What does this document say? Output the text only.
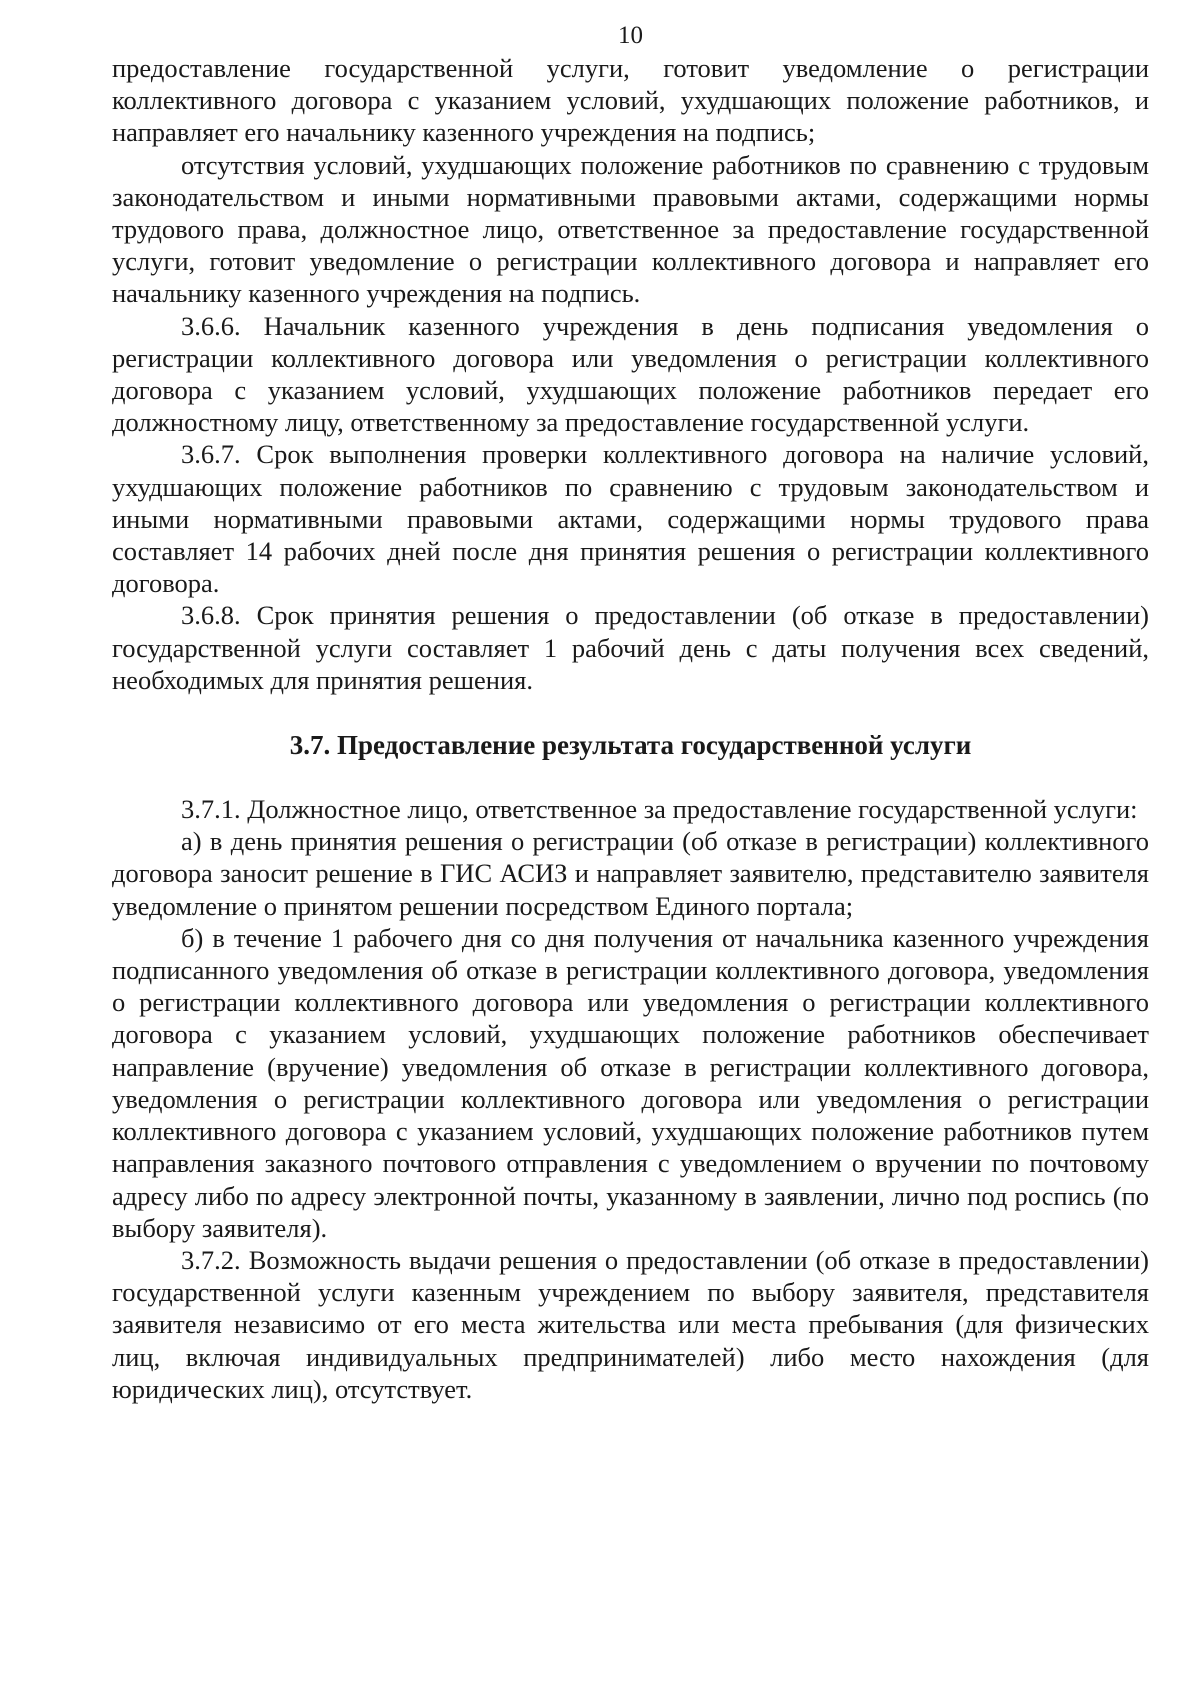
10

предоставление государственной услуги, готовит уведомление о регистрации коллективного договора с указанием условий, ухудшающих положение работников, и направляет его начальнику казенного учреждения на подпись;

отсутствия условий, ухудшающих положение работников по сравнению с трудовым законодательством и иными нормативными правовыми актами, содержащими нормы трудового права, должностное лицо, ответственное за предоставление государственной услуги, готовит уведомление о регистрации коллективного договора и направляет его начальнику казенного учреждения на подпись.

3.6.6. Начальник казенного учреждения в день подписания уведомления о регистрации коллективного договора или уведомления о регистрации коллективного договора с указанием условий, ухудшающих положение работников передает его должностному лицу, ответственному за предоставление государственной услуги.

3.6.7. Срок выполнения проверки коллективного договора на наличие условий, ухудшающих положение работников по сравнению с трудовым законодательством и иными нормативными правовыми актами, содержащими нормы трудового права составляет 14 рабочих дней после дня принятия решения о регистрации коллективного договора.

3.6.8. Срок принятия решения о предоставлении (об отказе в предоставлении) государственной услуги составляет 1 рабочий день с даты получения всех сведений, необходимых для принятия решения.

3.7. Предоставление результата государственной услуги

3.7.1. Должностное лицо, ответственное за предоставление государственной услуги:

а) в день принятия решения о регистрации (об отказе в регистрации) коллективного договора заносит решение в ГИС АСИЗ и направляет заявителю, представителю заявителя уведомление о принятом решении посредством Единого портала;

б) в течение 1 рабочего дня со дня получения от начальника казенного учреждения подписанного уведомления об отказе в регистрации коллективного договора, уведомления о регистрации коллективного договора или уведомления о регистрации коллективного договора с указанием условий, ухудшающих положение работников обеспечивает направление (вручение) уведомления об отказе в регистрации коллективного договора, уведомления о регистрации коллективного договора или уведомления о регистрации коллективного договора с указанием условий, ухудшающих положение работников путем направления заказного почтового отправления с уведомлением о вручении по почтовому адресу либо по адресу электронной почты, указанному в заявлении, лично под роспись (по выбору заявителя).

3.7.2. Возможность выдачи решения о предоставлении (об отказе в предоставлении) государственной услуги казенным учреждением по выбору заявителя, представителя заявителя независимо от его места жительства или места пребывания (для физических лиц, включая индивидуальных предпринимателей) либо место нахождения (для юридических лиц), отсутствует.
